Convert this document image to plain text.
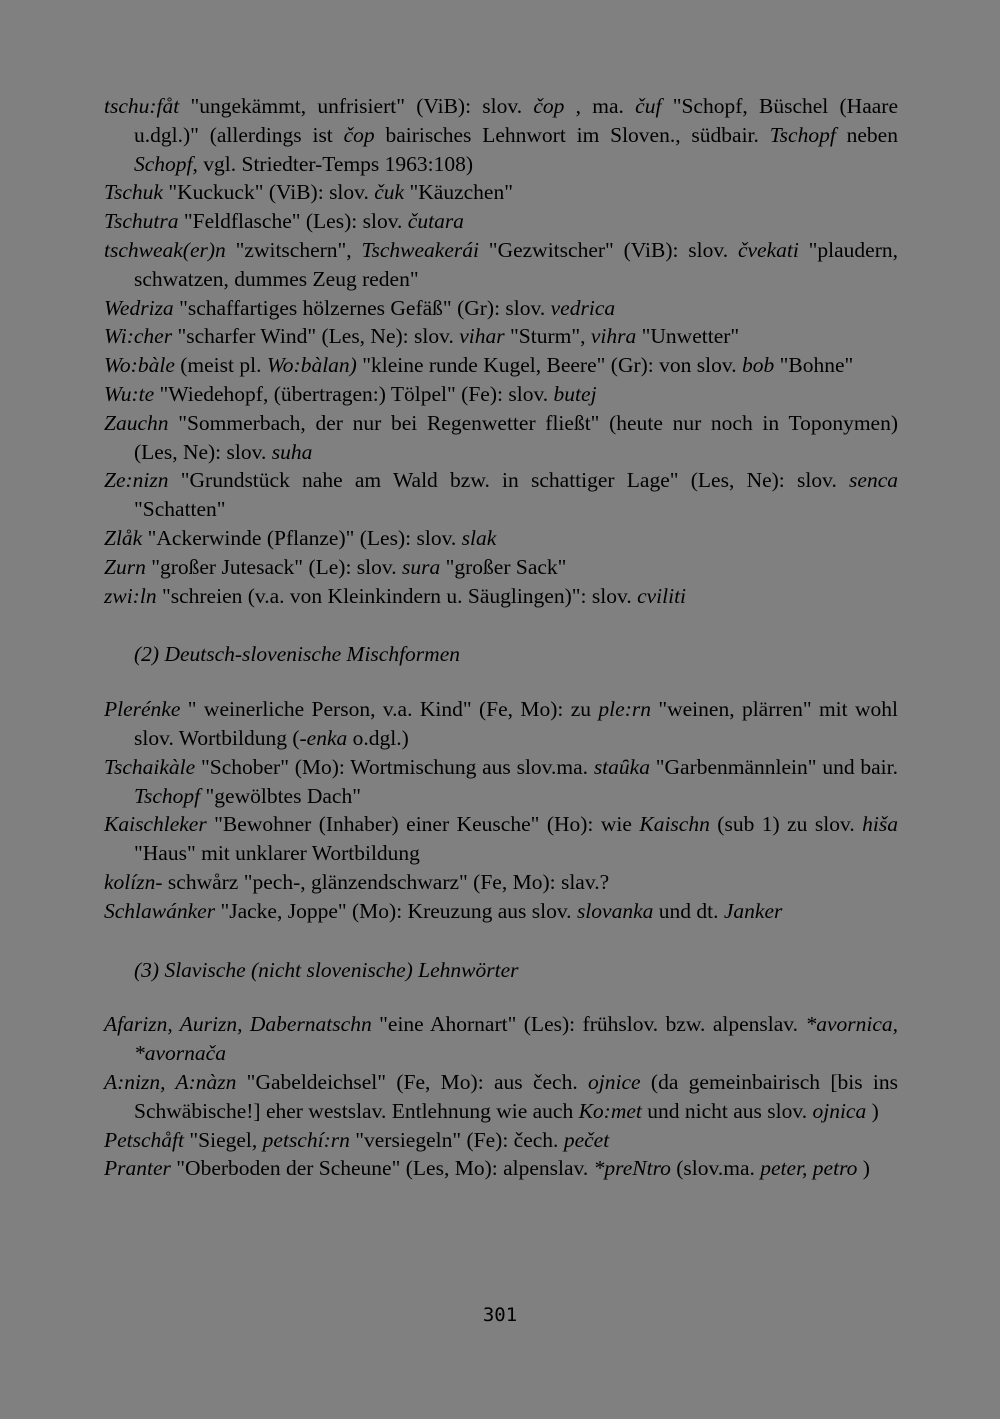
tschu:fåt "ungekämmt, unfrisiert" (ViB): slov. čop , ma. čuf "Schopf, Büschel (Haare u.dgl.)" (allerdings ist čop bairisches Lehnwort im Sloven., südbair. Tschopf neben Schopf, vgl. Striedter-Temps 1963:108)
Tschuk "Kuckuck" (ViB): slov. čuk "Käuzchen"
Tschutra "Feldflasche" (Les): slov. čutara
tschweak(er)n "zwitschern", Tschweakerái "Gezwitscher" (ViB): slov. čvekati "plaudern, schwatzen, dummes Zeug reden"
Wedriza "schaffartiges hölzernes Gefäß" (Gr): slov. vedrica
Wi:cher "scharfer Wind" (Les, Ne): slov. vihar "Sturm", vihra "Unwetter"
Wo:bàle (meist pl. Wo:bàlan) "kleine runde Kugel, Beere" (Gr): von slov. bob "Bohne"
Wu:te "Wiedehopf, (übertragen:) Tölpel" (Fe): slov. butej
Zauchn "Sommerbach, der nur bei Regenwetter fließt" (heute nur noch in Toponymen) (Les, Ne): slov. suha
Ze:nizn "Grundstück nahe am Wald bzw. in schattiger Lage" (Les, Ne): slov. senca "Schatten"
Zlåk "Ackerwinde (Pflanze)" (Les): slov. slak
Zurn "großer Jutesack" (Le): slov. sura "großer Sack"
zwi:ln "schreien (v.a. von Kleinkindern u. Säuglingen)": slov. cviliti
(2) Deutsch-slovenische Mischformen
Plerénke " weinerliche Person, v.a. Kind" (Fe, Mo): zu ple:rn "weinen, plärren" mit wohl slov. Wortbildung (-enka o.dgl.)
Tschaikàle "Schober" (Mo): Wortmischung aus slov.ma. staȗka "Garbenmännlein" und bair. Tschopf "gewölbtes Dach"
Kaischleker "Bewohner (Inhaber) einer Keusche" (Ho): wie Kaischn (sub 1) zu slov. hiša "Haus" mit unklarer Wortbildung
kolízn- schwårz "pech-, glänzendschwarz" (Fe, Mo): slav.?
Schlawánker "Jacke, Joppe" (Mo): Kreuzung aus slov. slovanka und dt. Janker
(3) Slavische (nicht slovenische) Lehnwörter
Afarizn, Aurizn, Dabernatschn "eine Ahornart" (Les): frühslov. bzw. alpenslav. *avornica, *avornača
A:nizn, A:nàzn "Gabeldeichsel" (Fe, Mo): aus čech. ojnice (da gemeinbairisch [bis ins Schwäbische!] eher westslav. Entlehnung wie auch Ko:met und nicht aus slov. ojnica )
Petschåft "Siegel, petschí:rn "versiegeln" (Fe): čech. pečet
Pranter "Oberboden der Scheune" (Les, Mo): alpenslav. *preNtro (slov.ma. peter, petro )
301
